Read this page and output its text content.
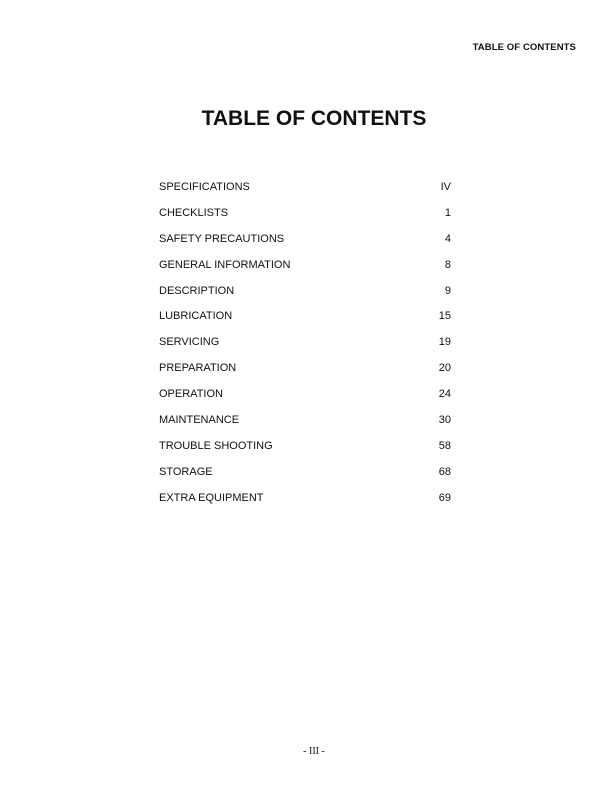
TABLE OF CONTENTS
TABLE OF CONTENTS
SPECIFICATIONS	IV
CHECKLISTS	1
SAFETY PRECAUTIONS	4
GENERAL INFORMATION	8
DESCRIPTION	9
LUBRICATION	15
SERVICING	19
PREPARATION	20
OPERATION	24
MAINTENANCE	30
TROUBLE SHOOTING	58
STORAGE	68
EXTRA EQUIPMENT	69
- III -
